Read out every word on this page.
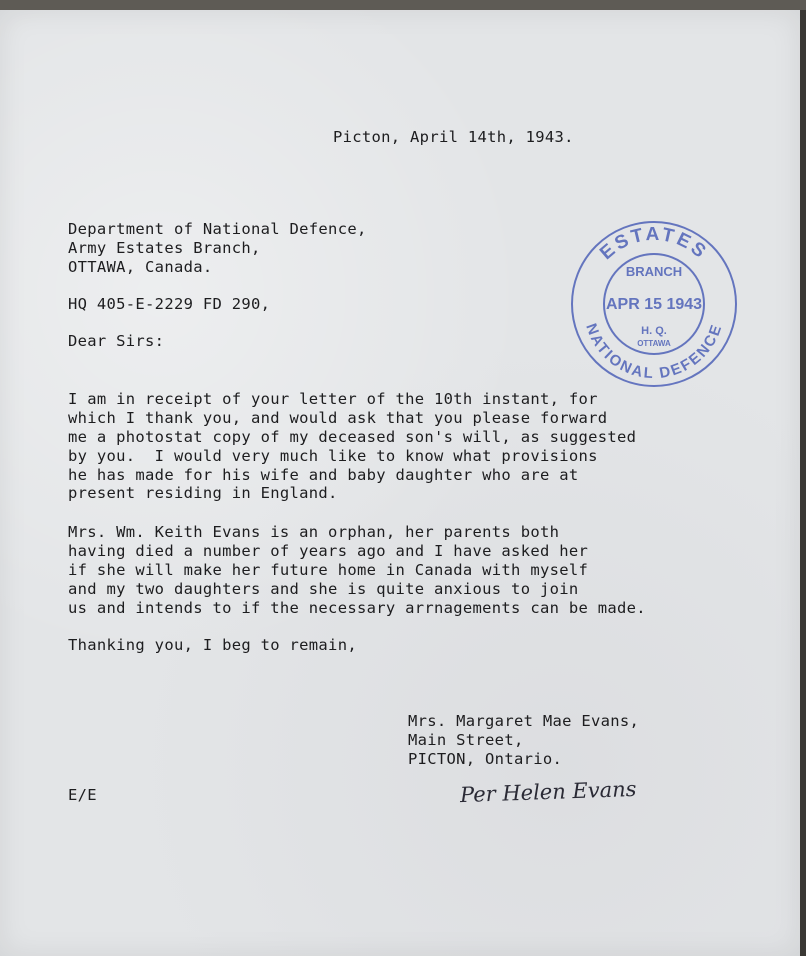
Picton, April 14th, 1943.

Department of National Defence,

Army Estates Branch,

OTTAWA, Canada.

HQ 405-E-2229 FD 290,

Dear Sirs:

I am in receipt of your letter of the 10th instant, for

which I thank you, and would ask that you please forward

me a photostat copy of my deceased son's will, as suggested

by you.  I would very much like to know what provisions

he has made for his wife and baby daughter who are at

present residing in England.

Mrs. Wm. Keith Evans is an orphan, her parents both

having died a number of years ago and I have asked her

if she will make her future home in Canada with myself

and my two daughters and she is quite anxious to join

us and intends to if the necessary arrnagements can be made.

Thanking you, I beg to remain,

Mrs. Margaret Mae Evans,

Main Street,

PICTON, Ontario.

Per Helen Evans

E/E

ESTATES
BRANCH
APR 15 1943
H. Q.
OTTAWA
NATIONAL DEFENCE
